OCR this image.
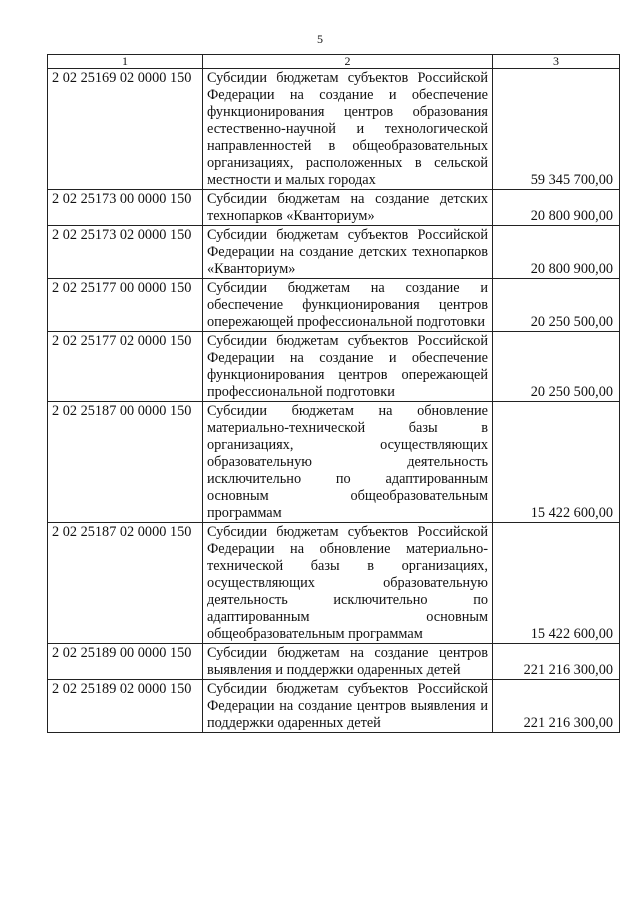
5
1	2	3
2 02 25169 02 0000 150	Субсидии бюджетам субъектов Российской Федерации на создание и обеспечение функционирования центров образования естественно-научной и технологической направленностей в общеобразовательных организациях, расположенных в сельской местности и малых городах	59 345 700,00
2 02 25173 00 0000 150	Субсидии бюджетам на создание детских технопарков «Кванториум»	20 800 900,00
2 02 25173 02 0000 150	Субсидии бюджетам субъектов Российской Федерации на создание детских технопарков «Кванториум»	20 800 900,00
2 02 25177 00 0000 150	Субсидии бюджетам на создание и обеспечение функционирования центров опережающей профессиональной подготовки	20 250 500,00
2 02 25177 02 0000 150	Субсидии бюджетам субъектов Российской Федерации на создание и обеспечение функционирования центров опережающей профессиональной подготовки	20 250 500,00
2 02 25187 00 0000 150	Субсидии бюджетам на обновление материально-технической базы в организациях, осуществляющих образовательную деятельность исключительно по адаптированным основным общеобразовательным программам	15 422 600,00
2 02 25187 02 0000 150	Субсидии бюджетам субъектов Российской Федерации на обновление материально-технической базы в организациях, осуществляющих образовательную деятельность исключительно по адаптированным основным общеобразовательным программам	15 422 600,00
2 02 25189 00 0000 150	Субсидии бюджетам на создание центров выявления и поддержки одаренных детей	221 216 300,00
2 02 25189 02 0000 150	Субсидии бюджетам субъектов Российской Федерации на создание центров выявления и поддержки одаренных детей	221 216 300,00
